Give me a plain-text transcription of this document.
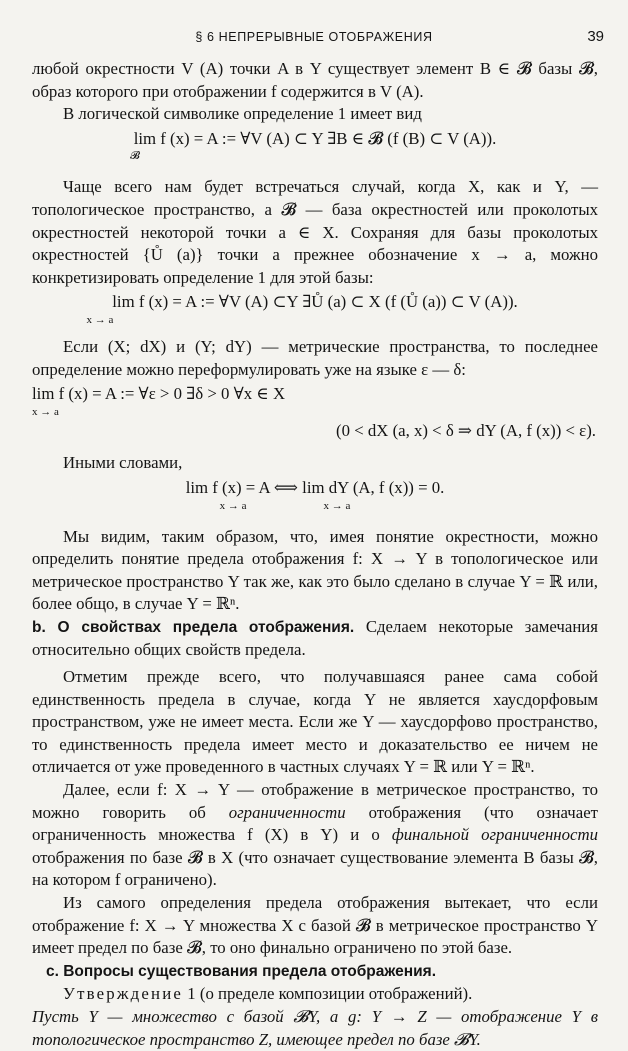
§ 6 НЕПРЕРЫВНЫЕ ОТОБРАЖЕНИЯ	39

любой окрестности V (A) точки A в Y существует элемент B ∈ 𝓑 базы 𝓑, образ которого при отображении f содержится в V (A).

В логической символике определение 1 имеет вид

lim f (x) = A := ∀V (A) ⊂ Y ∃B ∈ 𝓑 (f (B) ⊂ V (A)).
𝓑

Чаще всего нам будет встречаться случай, когда X, как и Y, — топологическое пространство, а 𝓑 — база окрестностей или проколотых окрестностей некоторой точки a ∈ X. Сохраняя для базы проколотых окрестностей {Ů (a)} точки a прежнее обозначение x → a, можно конкретизировать определение 1 для этой базы:

lim f (x) = A := ∀V (A) ⊂Y ∃Ů (a) ⊂ X (f (Ů (a)) ⊂ V (A)).
x → a

Если (X; dX) и (Y; dY) — метрические пространства, то последнее определение можно переформулировать уже на языке ε — δ:

lim f (x) = A := ∀ε > 0 ∃δ > 0 ∀x ∈ X
x → a
(0 < dX (a, x) < δ ⇒ dY (A, f (x)) < ε).

Иными словами,

lim f (x) = A ⟺ lim dY (A, f (x)) = 0.
x → a                            x → a

Мы видим, таким образом, что, имея понятие окрестности, можно определить понятие предела отображения f: X → Y в топологическое или метрическое пространство Y так же, как это было сделано в случае Y = ℝ или, более общо, в случае Y = ℝⁿ.

b. О свойствах предела отображения. Сделаем некоторые замечания относительно общих свойств предела.

Отметим прежде всего, что получавшаяся ранее сама собой единственность предела в случае, когда Y не является хаусдорфовым пространством, уже не имеет места. Если же Y — хаусдорфово пространство, то единственность предела имеет место и доказательство ее ничем не отличается от уже проведенного в частных случаях Y = ℝ или Y = ℝⁿ.

Далее, если f: X → Y — отображение в метрическое пространство, то можно говорить об ограниченности отображения (что означает ограниченность множества f (X) в Y) и о финальной ограниченности отображения по базе 𝓑 в X (что означает существование элемента B базы 𝓑, на котором f ограничено).

Из самого определения предела отображения вытекает, что если отображение f: X → Y множества X с базой 𝓑 в метрическое пространство Y имеет предел по базе 𝓑, то оно финально ограничено по этой базе.

c. Вопросы существования предела отображения.

Утверждение 1 (о пределе композиции отображений).

Пусть Y — множество с базой 𝓑Y, a g: Y → Z — отображение Y в топологическое пространство Z, имеющее предел по базе 𝓑Y.
